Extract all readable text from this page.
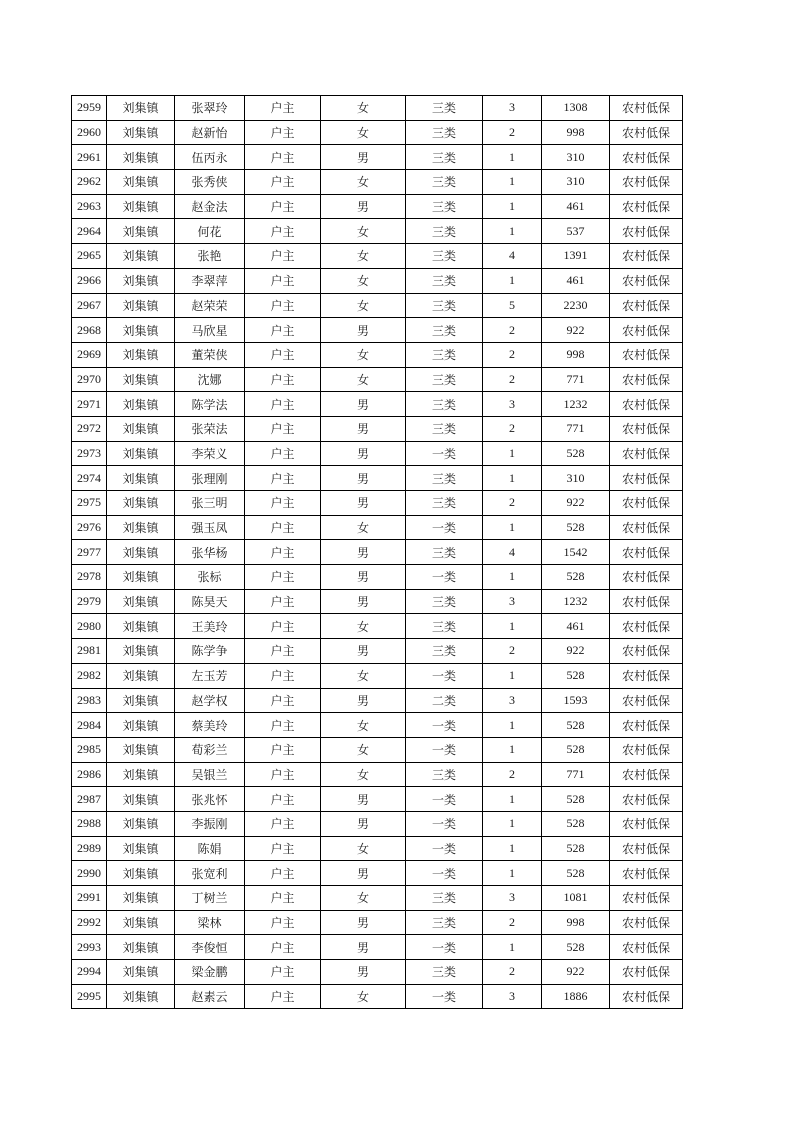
2959	刘集镇	张翠玲	户主	女	三类	3	1308	农村低保
2960	刘集镇	赵新怡	户主	女	三类	2	998	农村低保
2961	刘集镇	伍丙永	户主	男	三类	1	310	农村低保
2962	刘集镇	张秀侠	户主	女	三类	1	310	农村低保
2963	刘集镇	赵金法	户主	男	三类	1	461	农村低保
2964	刘集镇	何花	户主	女	三类	1	537	农村低保
2965	刘集镇	张艳	户主	女	三类	4	1391	农村低保
2966	刘集镇	李翠萍	户主	女	三类	1	461	农村低保
2967	刘集镇	赵荣荣	户主	女	三类	5	2230	农村低保
2968	刘集镇	马欣星	户主	男	三类	2	922	农村低保
2969	刘集镇	董荣侠	户主	女	三类	2	998	农村低保
2970	刘集镇	沈娜	户主	女	三类	2	771	农村低保
2971	刘集镇	陈学法	户主	男	三类	3	1232	农村低保
2972	刘集镇	张荣法	户主	男	三类	2	771	农村低保
2973	刘集镇	李荣义	户主	男	一类	1	528	农村低保
2974	刘集镇	张理刚	户主	男	三类	1	310	农村低保
2975	刘集镇	张三明	户主	男	三类	2	922	农村低保
2976	刘集镇	强玉凤	户主	女	一类	1	528	农村低保
2977	刘集镇	张华杨	户主	男	三类	4	1542	农村低保
2978	刘集镇	张标	户主	男	一类	1	528	农村低保
2979	刘集镇	陈昊天	户主	男	三类	3	1232	农村低保
2980	刘集镇	王美玲	户主	女	三类	1	461	农村低保
2981	刘集镇	陈学争	户主	男	三类	2	922	农村低保
2982	刘集镇	左玉芳	户主	女	一类	1	528	农村低保
2983	刘集镇	赵学权	户主	男	二类	3	1593	农村低保
2984	刘集镇	蔡美玲	户主	女	一类	1	528	农村低保
2985	刘集镇	荀彩兰	户主	女	一类	1	528	农村低保
2986	刘集镇	吴银兰	户主	女	三类	2	771	农村低保
2987	刘集镇	张兆怀	户主	男	一类	1	528	农村低保
2988	刘集镇	李振刚	户主	男	一类	1	528	农村低保
2989	刘集镇	陈娟	户主	女	一类	1	528	农村低保
2990	刘集镇	张宽利	户主	男	一类	1	528	农村低保
2991	刘集镇	丁树兰	户主	女	三类	3	1081	农村低保
2992	刘集镇	梁林	户主	男	三类	2	998	农村低保
2993	刘集镇	李俊恒	户主	男	一类	1	528	农村低保
2994	刘集镇	梁金鹏	户主	男	三类	2	922	农村低保
2995	刘集镇	赵素云	户主	女	一类	3	1886	农村低保
